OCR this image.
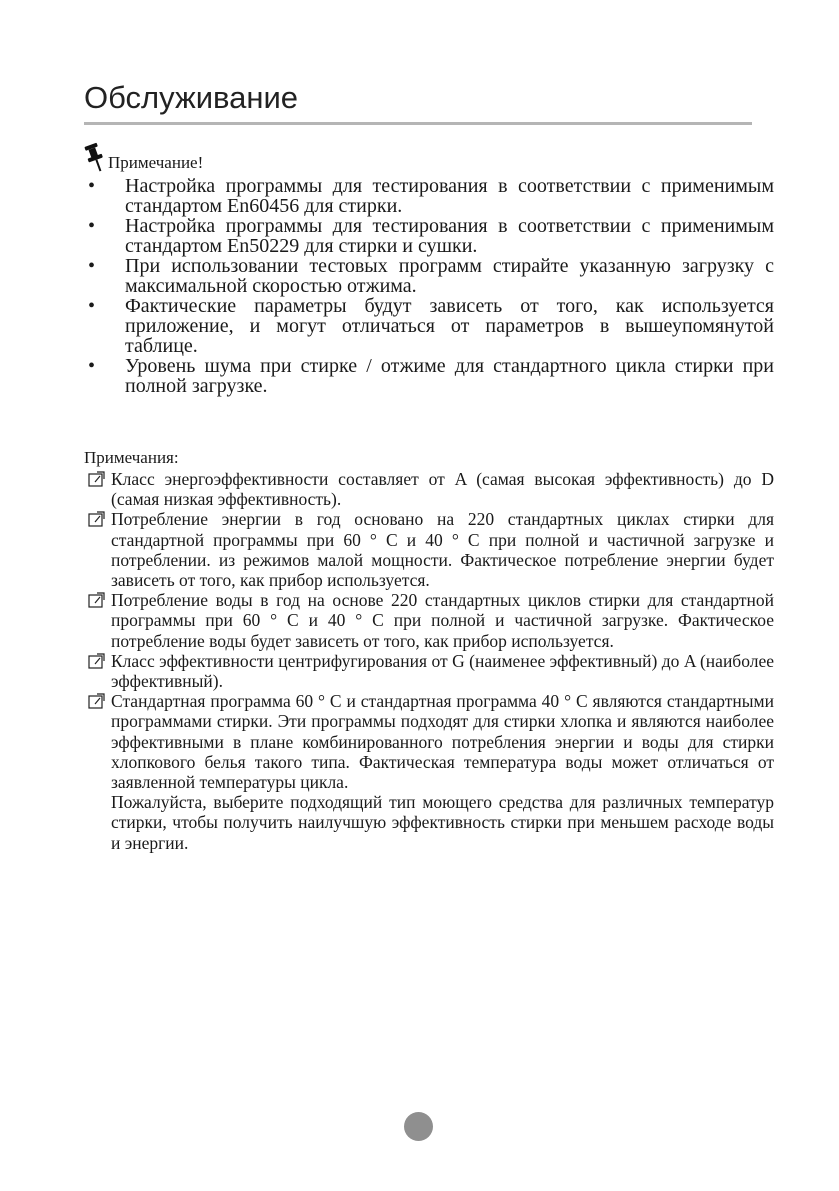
Обслуживание
Примечание!
• Настройка программы для тестирования в соответствии с применимым стандартом En60456 для стирки.
• Настройка программы для тестирования в соответствии с применимым стандартом En50229 для стирки и сушки.
• При использовании тестовых программ стирайте указанную загрузку с максимальной скоростью отжима.
• Фактические параметры будут зависеть от того, как используется приложение, и могут отличаться от параметров в вышеупомянутой таблице.
• Уровень шума при стирке / отжиме для стандартного цикла стирки при полной загрузке.
Примечания:
Класс энергоэффективности составляет от A (самая высокая эффективность) до D (самая низкая эффективность).
Потребление энергии в год основано на 220 стандартных циклах стирки для стандартной программы при 60 ° C и 40 ° C при полной и частичной загрузке и потреблении. из режимов малой мощности. Фактическое потребление энергии будет зависеть от того, как прибор используется.
Потребление воды в год на основе 220 стандартных циклов стирки для стандартной программы при 60 ° C и 40 ° C при полной и частичной загрузке. Фактическое потребление воды будет зависеть от того, как прибор используется.
Класс эффективности центрифугирования от G (наименее эффективный) до A (наиболее эффективный).
Стандартная программа 60 ° C и стандартная программа 40 ° C являются стандартными программами стирки. Эти программы подходят для стирки хлопка и являются наиболее эффективными в плане комбинированного потребления энергии и воды для стирки хлопкового белья такого типа. Фактическая температура воды может отличаться от заявленной температуры цикла.
Пожалуйста, выберите подходящий тип моющего средства для различных температур стирки, чтобы получить наилучшую эффективность стирки при меньшем расходе воды и энергии.
